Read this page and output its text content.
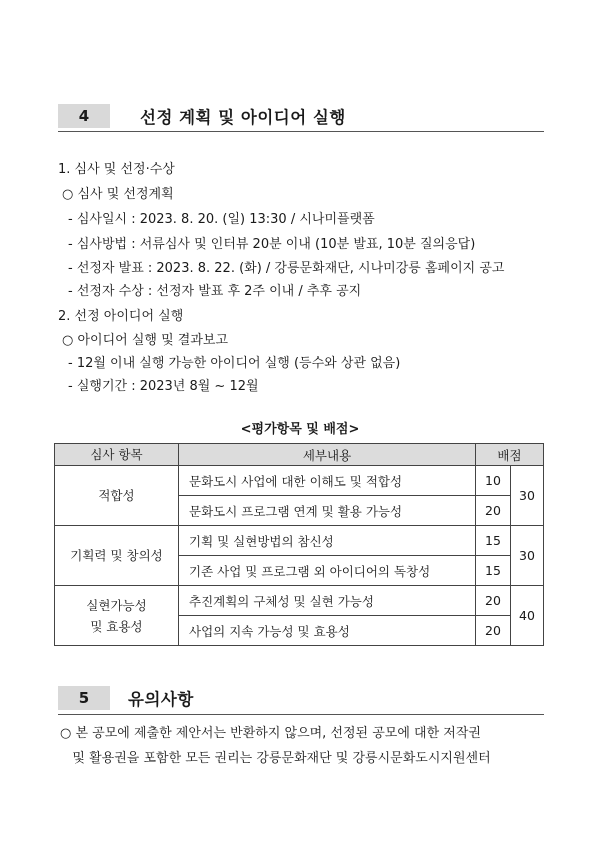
4	선정 계획 및 아이디어 실행
1. 심사 및 선정·수상
○ 심사 및 선정계획
- 심사일시 : 2023. 8. 20. (일) 13:30 / 시나미플랫폼
- 심사방법 : 서류심사 및 인터뷰 20분 이내 (10분 발표, 10분 질의응답)
- 선정자 발표 : 2023. 8. 22. (화) / 강릉문화재단, 시나미강릉 홈페이지 공고
- 선정자 수상 : 선정자 발표 후 2주 이내 / 추후 공지
2. 선정 아이디어 실행
○ 아이디어 실행 및 결과보고
- 12월 이내 실행 가능한 아이디어 실행 (등수와 상관 없음)
- 실행기간 : 2023년 8월 ~ 12월
<평가항목 및 배점>
심사 항목	세부내용	배점	
적합성	문화도시 사업에 대한 이해도 및 적합성	10	30
	문화도시 프로그램 연계 및 활용 가능성	20	
기획력 및 창의성	기획 및 실현방법의 참신성	15	30
	기존 사업 및 프로그램 외 아이디어의 독창성	15	
실현가능성
및 효용성	추진계획의 구체성 및 실현 가능성	20	40
	사업의 지속 가능성 및 효용성	20	
5	유의사항
○ 본 공모에 제출한 제안서는 반환하지 않으며, 선정된 공모에 대한 저작권
및 활용권을 포함한 모든 권리는 강릉문화재단 및 강릉시문화도시지원센터
